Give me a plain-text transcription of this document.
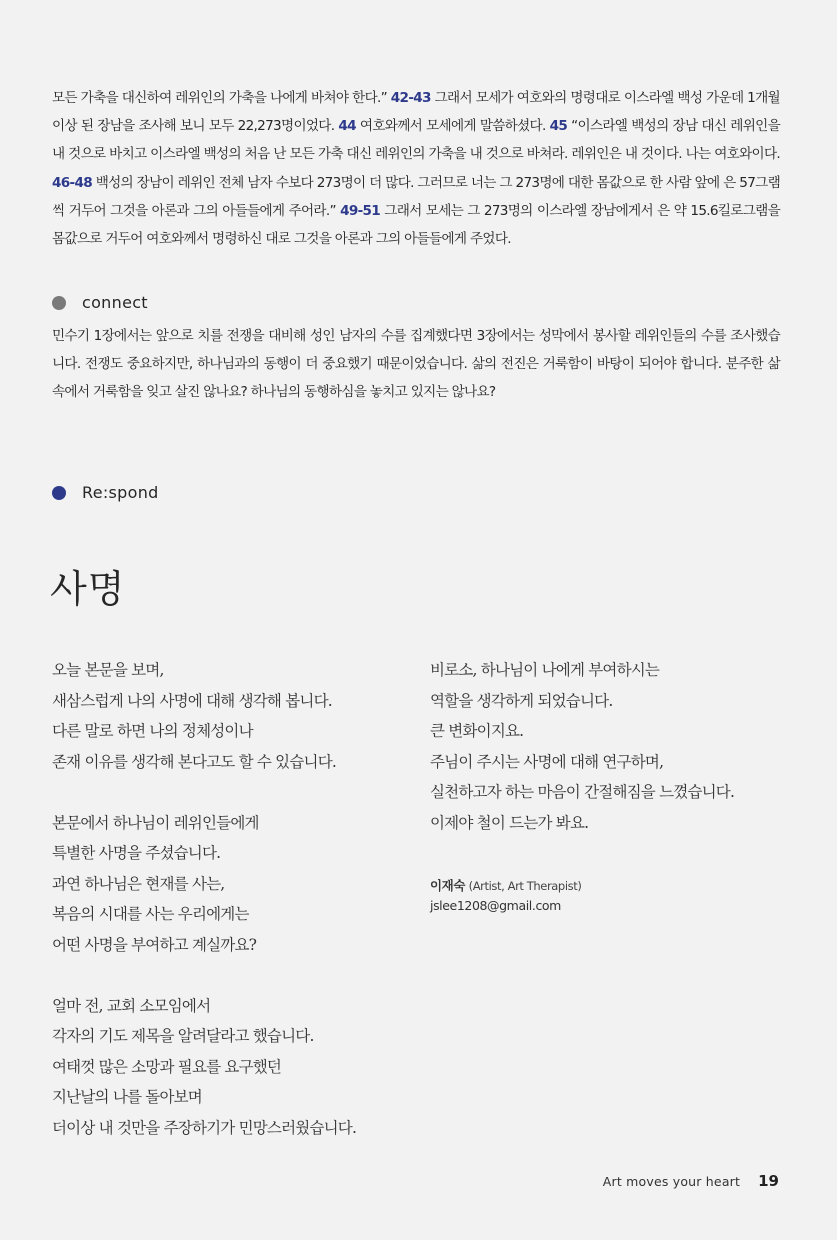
모든 가축을 대신하여 레위인의 가축을 나에게 바쳐야 한다.” 42-43 그래서 모세가 여호와의 명령대로 이스라엘 백성 가운데 1개월 이상 된 장남을 조사해 보니 모두 22,273명이었다. 44 여호와께서 모세에게 말씀하셨다. 45 “이스라엘 백성의 장남 대신 레위인을 내 것으로 바치고 이스라엘 백성의 처음 난 모든 가축 대신 레위인의 가축을 내 것으로 바쳐라. 레위인은 내 것이다. 나는 여호와이다. 46-48 백성의 장남이 레위인 전체 남자 수보다 273명이 더 많다. 그러므로 너는 그 273명에 대한 몸값으로 한 사람 앞에 은 57그램씩 거두어 그것을 아론과 그의 아들들에게 주어라.” 49-51 그래서 모세는 그 273명의 이스라엘 장남에게서 은 약 15.6킬로그램을 몸값으로 거두어 여호와께서 명령하신 대로 그것을 아론과 그의 아들들에게 주었다.

connect

민수기 1장에서는 앞으로 치를 전쟁을 대비해 성인 남자의 수를 집계했다면 3장에서는 성막에서 봉사할 레위인들의 수를 조사했습니다. 전쟁도 중요하지만, 하나님과의 동행이 더 중요했기 때문이었습니다. 삶의 전진은 거룩함이 바탕이 되어야 합니다. 분주한 삶 속에서 거룩함을 잊고 살진 않나요? 하나님의 동행하심을 놓치고 있지는 않나요?

Re:spond
사명
오늘 본문을 보며,
새삼스럽게 나의 사명에 대해 생각해 봅니다.
다른 말로 하면 나의 정체성이나
존재 이유를 생각해 본다고도 할 수 있습니다.
본문에서 하나님이 레위인들에게
특별한 사명을 주셨습니다.
과연 하나님은 현재를 사는,
복음의 시대를 사는 우리에게는
어떤 사명을 부여하고 계실까요?
얼마 전, 교회 소모임에서
각자의 기도 제목을 알려달라고 했습니다.
여태껏 많은 소망과 필요를 요구했던
지난날의 나를 돌아보며
더이상 내 것만을 주장하기가 민망스러웠습니다.
비로소, 하나님이 나에게 부여하시는
역할을 생각하게 되었습니다.
큰 변화이지요.
주님이 주시는 사명에 대해 연구하며,
실천하고자 하는 마음이 간절해짐을 느꼈습니다.
이제야 철이 드는가 봐요.
이재숙 (Artist, Art Therapist)
jslee1208@gmail.com
Art moves your heart 19
